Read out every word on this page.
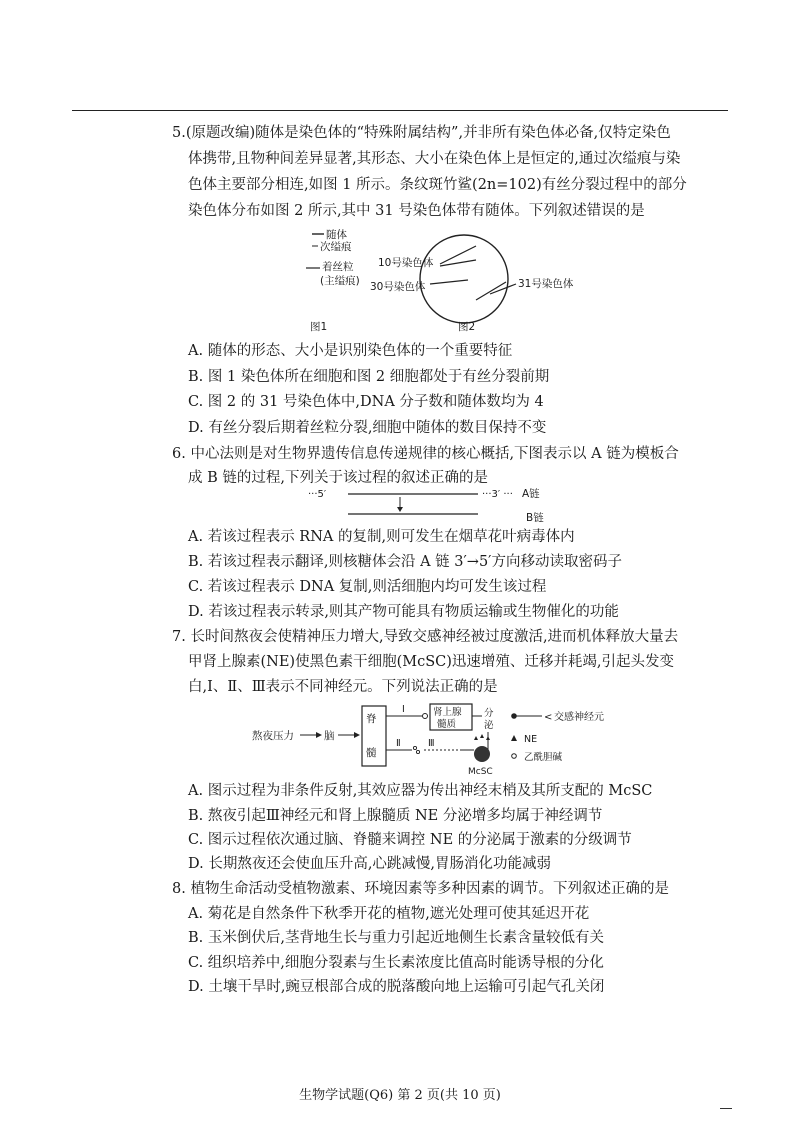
5.(原题改编)随体是染色体的“特殊附属结构”,并非所有染色体必备,仅特定染色
体携带,且物种间差异显著,其形态、大小在染色体上是恒定的,通过次缢痕与染
色体主要部分相连,如图 1 所示。条纹斑竹鲨(2n=102)有丝分裂过程中的部分
染色体分布如图 2 所示,其中 31 号染色体带有随体。下列叙述错误的是
随体
次缢痕
着丝粒
(主缢痕)
图1
10号染色体
30号染色体	31号染色体
图2
A. 随体的形态、大小是识别染色体的一个重要特征
B. 图 1 染色体所在细胞和图 2 细胞都处于有丝分裂前期
C. 图 2 的 31 号染色体中,DNA 分子数和随体数均为 4
D. 有丝分裂后期着丝粒分裂,细胞中随体的数目保持不变
6. 中心法则是对生物界遗传信息传递规律的核心概括,下图表示以 A 链为模板合
成 B 链的过程,下列关于该过程的叙述正确的是
···5′	···3′ ··· A链
B链
A. 若该过程表示 RNA 的复制,则可发生在烟草花叶病毒体内
B. 若该过程表示翻译,则核糖体会沿 A 链 3′→5′方向移动读取密码子
C. 若该过程表示 DNA 复制,则活细胞内均可发生该过程
D. 若该过程表示转录,则其产物可能具有物质运输或生物催化的功能
7. 长时间熬夜会使精神压力增大,导致交感神经被过度激活,进而机体释放大量去
甲肾上腺素(NE)使黑色素干细胞(McSC)迅速增殖、迁移并耗竭,引起头发变
白,Ⅰ、Ⅱ、Ⅲ表示不同神经元。下列说法正确的是
熬夜压力	脑
脊
髓
Ⅰ	肾上腺
髓质
分
泌
Ⅱ	Ⅲ
McSC
< 交感神经元
NE
乙酰胆碱
A. 图示过程为非条件反射,其效应器为传出神经末梢及其所支配的 McSC
B. 熬夜引起Ⅲ神经元和肾上腺髓质 NE 分泌增多均属于神经调节
C. 图示过程依次通过脑、脊髓来调控 NE 的分泌属于激素的分级调节
D. 长期熬夜还会使血压升高,心跳减慢,胃肠消化功能减弱
8. 植物生命活动受植物激素、环境因素等多种因素的调节。下列叙述正确的是
A. 菊花是自然条件下秋季开花的植物,遮光处理可使其延迟开花
B. 玉米倒伏后,茎背地生长与重力引起近地侧生长素含量较低有关
C. 组织培养中,细胞分裂素与生长素浓度比值高时能诱导根的分化
D. 土壤干旱时,豌豆根部合成的脱落酸向地上运输可引起气孔关闭
生物学试题(Q6) 第 2 页(共 10 页)
